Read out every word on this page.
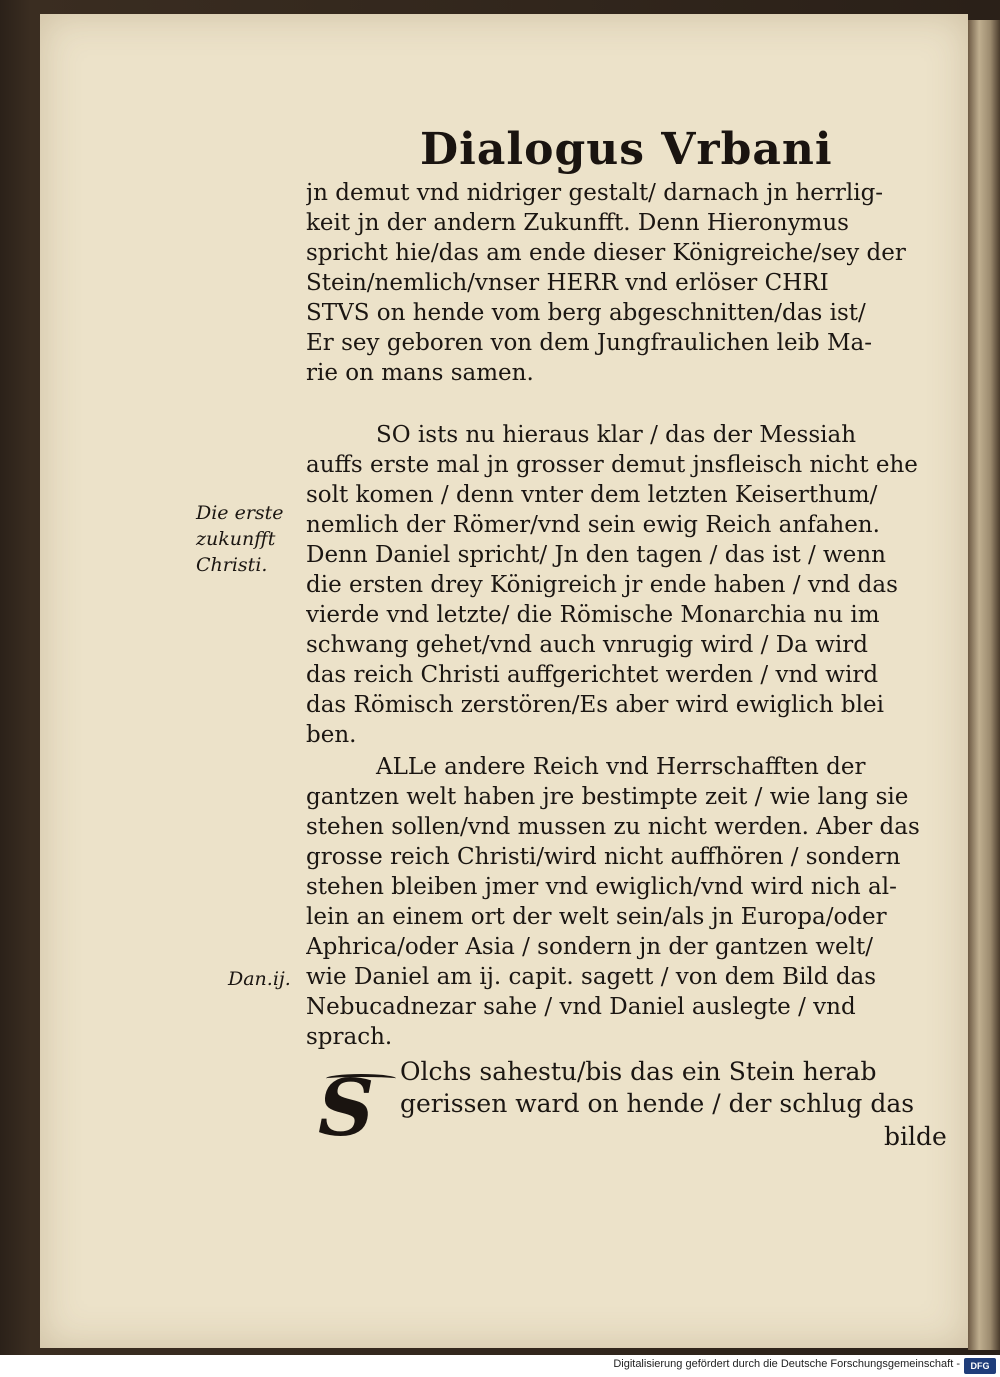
Dialogus Vrbani
jn demut vnd nidriger gestalt/ darnach jn herrlig-
keit jn der andern Zukunfft. Denn Hieronymus
spricht hie/das am ende dieser Königreiche/sey der
Stein/nemlich/vnser HERR vnd erlöser CHRI
STVS on hende vom berg abgeschnitten/das ist/
Er sey geboren von dem Jungfraulichen leib Ma-
rie on mans samen.
SO ists nu hieraus klar / das der Messiah
auffs erste mal jn grosser demut jnsfleisch nicht ehe
solt komen / denn vnter dem letzten Keiserthum/
nemlich der Römer/vnd sein ewig Reich anfahen.
Denn Daniel spricht/ Jn den tagen / das ist / wenn
die ersten drey Königreich jr ende haben / vnd das
vierde vnd letzte/ die Römische Monarchia nu im
schwang gehet/vnd auch vnrugig wird / Da wird
das reich Christi auffgerichtet werden / vnd wird
das Römisch zerstören/Es aber wird ewiglich blei
ben.
ALLe andere Reich vnd Herrschafften der
gantzen welt haben jre bestimpte zeit / wie lang sie
stehen sollen/vnd mussen zu nicht werden. Aber das
grosse reich Christi/wird nicht auffhören / sondern
stehen bleiben jmer vnd ewiglich/vnd wird nich al-
lein an einem ort der welt sein/als jn Europa/oder
Aphrica/oder Asia / sondern jn der gantzen welt/
wie Daniel am ij. capit. sagett / von dem Bild das
Nebucadnezar sahe / vnd Daniel auslegte / vnd
sprach.
Die erste
zukunfft
Christi.
Dan.ij.
S	Olchs sahestu/bis das ein Stein herab
gerissen ward on hende / der schlug das
bilde
Digitalisierung gefördert durch die Deutsche Forschungsgemeinschaft -	DFG
